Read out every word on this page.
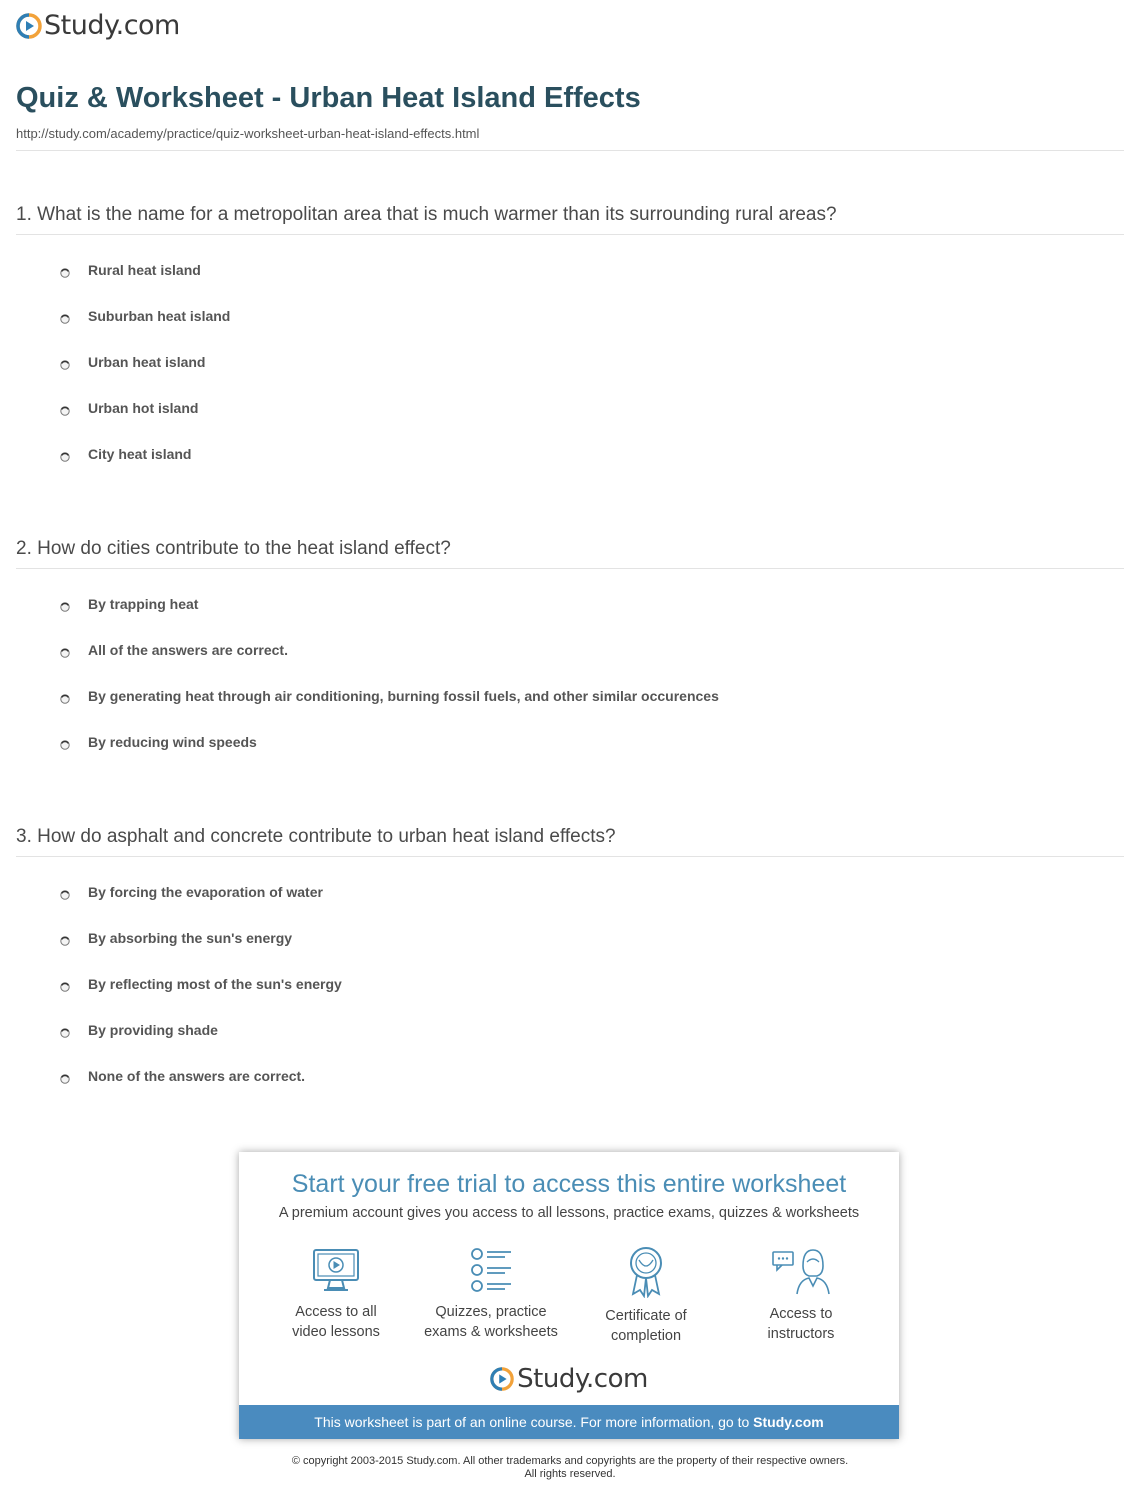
Study.com
Quiz & Worksheet - Urban Heat Island Effects
http://study.com/academy/practice/quiz-worksheet-urban-heat-island-effects.html
1. What is the name for a metropolitan area that is much warmer than its surrounding rural areas?
Rural heat island
Suburban heat island
Urban heat island
Urban hot island
City heat island
2. How do cities contribute to the heat island effect?
By trapping heat
All of the answers are correct.
By generating heat through air conditioning, burning fossil fuels, and other similar occurences
By reducing wind speeds
3. How do asphalt and concrete contribute to urban heat island effects?
By forcing the evaporation of water
By absorbing the sun's energy
By reflecting most of the sun's energy
By providing shade
None of the answers are correct.
Start your free trial to access this entire worksheet
A premium account gives you access to all lessons, practice exams, quizzes & worksheets
Access to all
video lessons
Quizzes, practice
exams & worksheets
Certificate of
completion
Access to
instructors
Study.com
This worksheet is part of an online course. For more information, go to Study.com
© copyright 2003-2015 Study.com. All other trademarks and copyrights are the property of their respective owners.
All rights reserved.
